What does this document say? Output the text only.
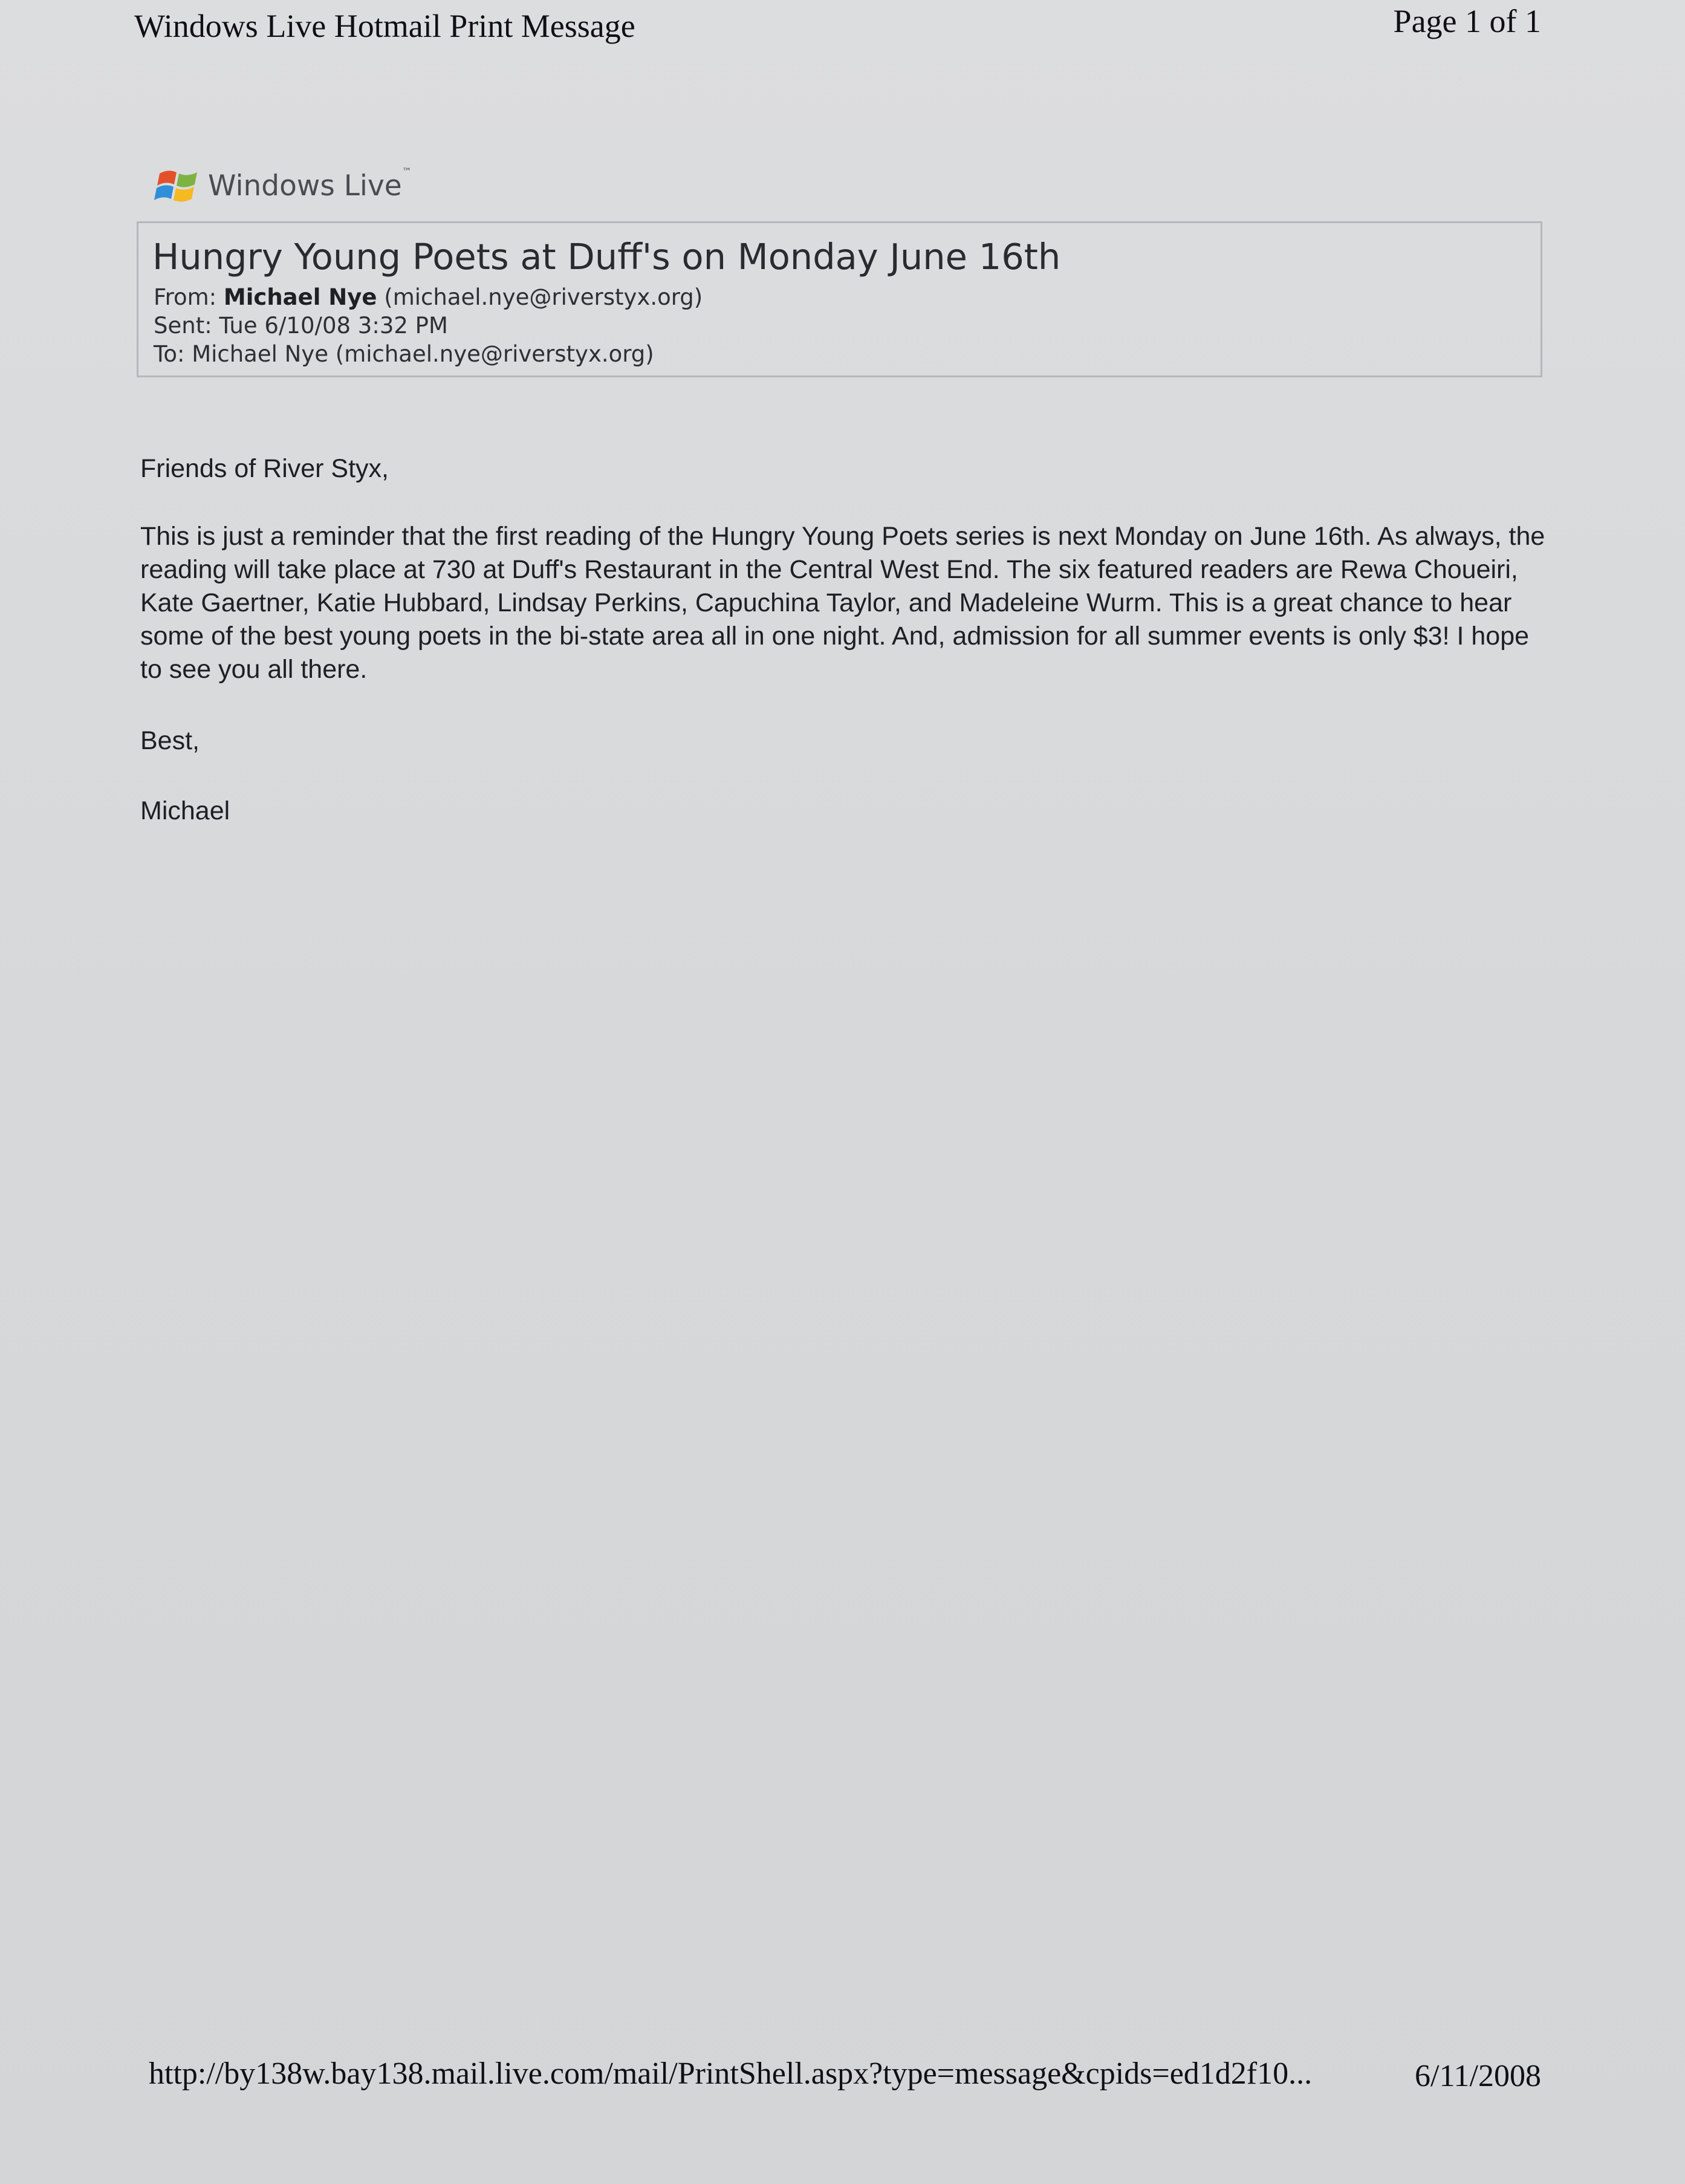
Windows Live Hotmail Print Message	Page 1 of 1
Windows Live™
Hungry Young Poets at Duff's on Monday June 16th
From: Michael Nye (michael.nye@riverstyx.org)
Sent: Tue 6/10/08 3:32 PM
To: Michael Nye (michael.nye@riverstyx.org)
Friends of River Styx,
This is just a reminder that the first reading of the Hungry Young Poets series is next Monday on June 16th. As always, the reading will take place at 730 at Duff's Restaurant in the Central West End. The six featured readers are Rewa Choueiri, Kate Gaertner, Katie Hubbard, Lindsay Perkins, Capuchina Taylor, and Madeleine Wurm. This is a great chance to hear some of the best young poets in the bi-state area all in one night. And, admission for all summer events is only $3! I hope to see you all there.
Best,
Michael
http://by138w.bay138.mail.live.com/mail/PrintShell.aspx?type=message&cpids=ed1d2f10...	6/11/2008
